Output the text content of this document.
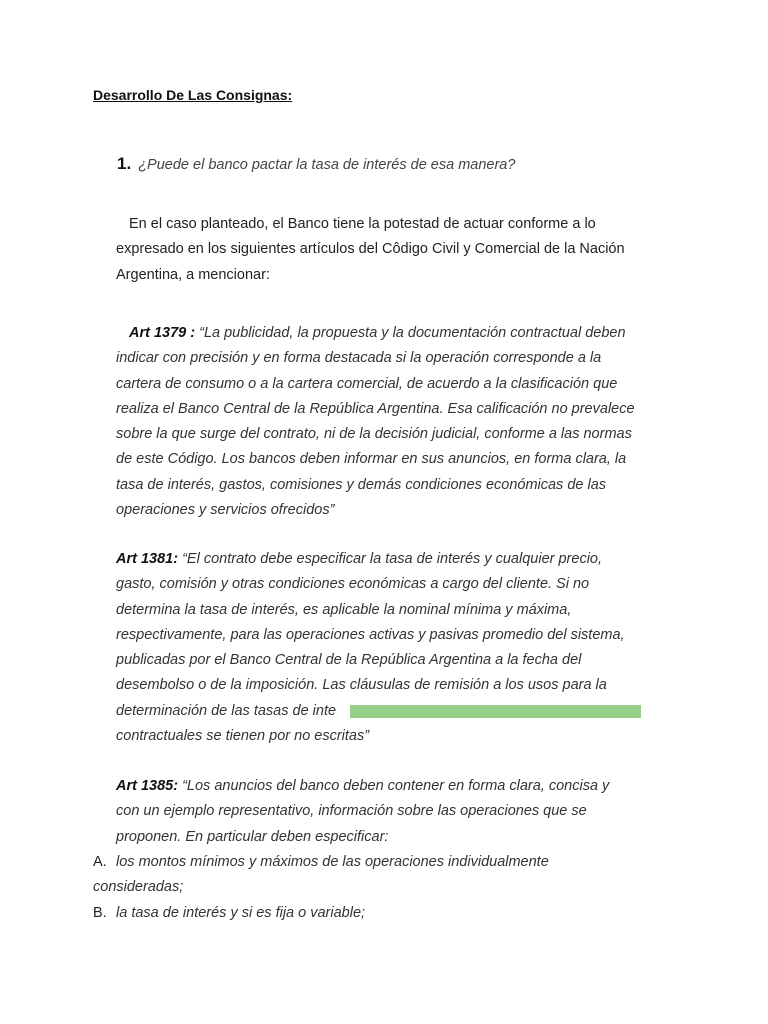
Desarrollo De Las Consignas:
1. ¿Puede el banco pactar la tasa de interés de esa manera?
En el caso planteado, el Banco tiene la potestad de actuar conforme a lo
expresado en los siguientes artículos del Côdigo Civil y Comercial de la Nación
Argentina, a mencionar:
Art 1379 : “La publicidad, la propuesta y la documentación contractual deben
indicar con precisión y en forma destacada si la operación corresponde a la
cartera de consumo o a la cartera comercial, de acuerdo a la clasificación que
realiza el Banco Central de la República Argentina. Esa calificación no prevalece
sobre la que surge del contrato, ni de la decisión judicial, conforme a las normas
de este Código. Los bancos deben informar en sus anuncios, en forma clara, la
tasa de interés, gastos, comisiones y demás condiciones económicas de las
operaciones y servicios ofrecidos”
Art 1381: “El contrato debe especificar la tasa de interés y cualquier precio,
gasto, comisión y otras condiciones económicas a cargo del cliente. Si no
determina la tasa de interés, es aplicable la nominal mínima y máxima,
respectivamente, para las operaciones activas y pasivas promedio del sistema,
publicadas por el Banco Central de la República Argentina a la fecha del
desembolso o de la imposición. Las cláusulas de remisión a los usos para la
determinación de las tasas de inte
contractuales se tienen por no escritas”
Art 1385: “Los anuncios del banco deben contener en forma clara, concisa y
con un ejemplo representativo, información sobre las operaciones que se
proponen. En particular deben especificar:
A. los montos mínimos y máximos de las operaciones individualmente
consideradas;
B. la tasa de interés y si es fija o variable;
